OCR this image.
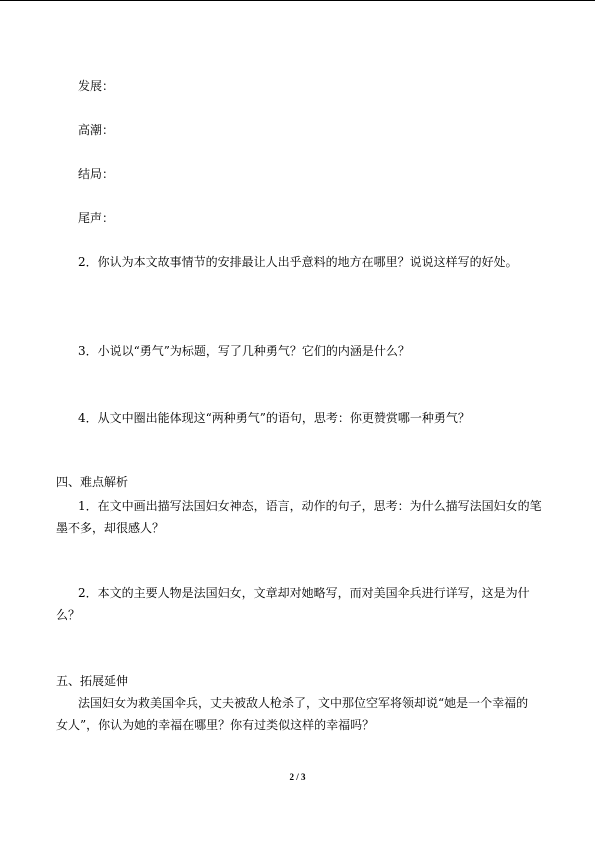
发展：
高潮：
结局：
尾声：
2．你认为本文故事情节的安排最让人出乎意料的地方在哪里？说说这样写的好处。
3．小说以“勇气”为标题，写了几种勇气？它们的内涵是什么？
4．从文中圈出能体现这“两种勇气”的语句，思考：你更赞赏哪一种勇气？
四、难点解析
1．在文中画出描写法国妇女神态，语言，动作的句子，思考：为什么描写法国妇女的笔
墨不多，却很感人？
2．本文的主要人物是法国妇女，文章却对她略写，而对美国伞兵进行详写，这是为什
么？
五、拓展延伸
法国妇女为救美国伞兵，丈夫被敌人枪杀了，文中那位空军将领却说“她是一个幸福的
女人”，你认为她的幸福在哪里？你有过类似这样的幸福吗？
2 / 3
